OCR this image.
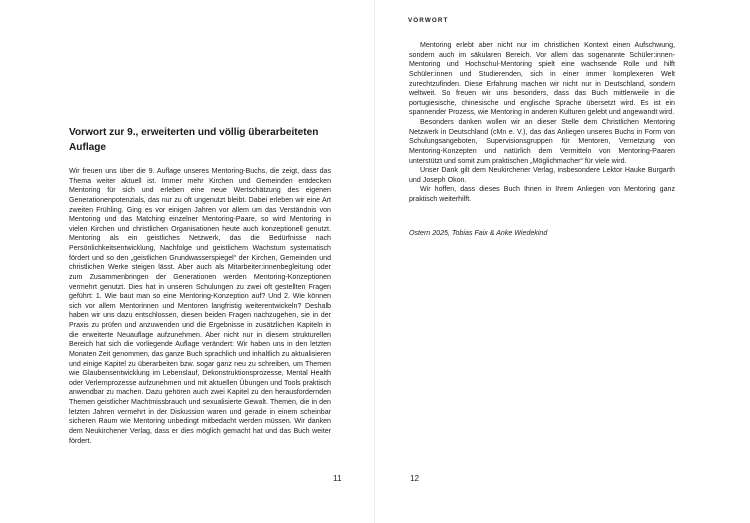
VORWORT
Vorwort zur 9., erweiterten und völlig überarbeiteten
Auflage

Wir freuen uns über die 9. Auflage unseres Mentoring-Buchs, die zeigt, dass das Thema weiter aktuell ist. Immer mehr Kirchen und Gemeinden entdecken Mentoring für sich und erleben eine neue Wertschätzung des eigenen Generationenpotenzials, das nur zu oft ungenutzt bleibt. Dabei erleben wir eine Art zweiten Frühling. Ging es vor einigen Jahren vor allem um das Verständnis von Mentoring und das Matching einzelner Mentoring-Paare, so wird Mentoring in vielen Kirchen und christlichen Organisationen heute auch konzeptionell genutzt. Mentoring als ein geistliches Netzwerk, das die Bedürfnisse nach Persönlichkeitsentwicklung, Nachfolge und geistlichem Wachstum systematisch fördert und so den „geistlichen Grundwasserspiegel“ der Kirchen, Gemeinden und christlichen Werke steigen lässt. Aber auch als Mitarbeiter:innenbegleitung oder zum Zusammenbringen der Generationen werden Mentoring-Konzeptionen vermehrt genutzt. Dies hat in unseren Schulungen zu zwei oft gestellten Fragen geführt: 1. Wie baut man so eine Mentoring-Konzeption auf? Und 2. Wie können sich vor allem Mentorinnen und Mentoren langfristig weiterentwickeln? Deshalb haben wir uns dazu entschlossen, diesen beiden Fragen nachzugehen, sie in der Praxis zu prüfen und anzuwenden und die Ergebnisse in zusätzlichen Kapiteln in die erweiterte Neuauflage aufzunehmen. Aber nicht nur in diesem strukturellen Bereich hat sich die vorliegende Auflage verändert: Wir haben uns in den letzten Monaten Zeit genommen, das ganze Buch sprachlich und inhaltlich zu aktualisieren und einige Kapitel zu überarbeiten bzw. sogar ganz neu zu schreiben, um Themen wie Glaubensentwicklung im Lebenslauf, Dekonstruktionsprozesse, Mental Health oder Verlernprozesse aufzunehmen und mit aktuellen Übungen und Tools praktisch anwendbar zu machen. Dazu gehören auch zwei Kapitel zu den herausfordernden Themen geistlicher Machtmissbrauch und sexualisierte Gewalt. Themen, die in den letzten Jahren vermehrt in der Diskussion waren und gerade in einem scheinbar sicheren Raum wie Mentoring unbedingt mitbedacht werden müssen. Wir danken dem Neukirchener Verlag, dass er dies möglich gemacht hat und das Buch weiter fördert.

Mentoring erlebt aber nicht nur im christlichen Kontext einen Aufschwung, sondern auch im säkularen Bereich. Vor allem das sogenannte Schüler:innen-Mentoring und Hochschul-Mentoring spielt eine wachsende Rolle und hilft Schüler:innen und Studierenden, sich in einer immer komplexeren Welt zurechtzufinden. Diese Erfahrung machen wir nicht nur in Deutschland, sondern weltweit. So freuen wir uns besonders, dass das Buch mittlerweile in die portugiesische, chinesische und englische Sprache übersetzt wird. Es ist ein spannender Prozess, wie Mentoring in anderen Kulturen gelebt und angewandt wird.

Besonders danken wollen wir an dieser Stelle dem Christlichen Mentoring Netzwerk in Deutschland (cMn e. V.), das das Anliegen unseres Buchs in Form von Schulungsangeboten, Supervisionsgruppen für Mentoren, Vernetzung von Mentoring-Konzepten und natürlich dem Vermitteln von Mentoring-Paaren unterstützt und somit zum praktischen „Möglichmacher“ für viele wird.

Unser Dank gilt dem Neukirchener Verlag, insbesondere Lektor Hauke Burgarth und Joseph Okon.

Wir hoffen, dass dieses Buch Ihnen in Ihrem Anliegen von Mentoring ganz praktisch weiterhilft.

Ostern 2025, Tobias Faix & Anke Wiedekind
11	12
